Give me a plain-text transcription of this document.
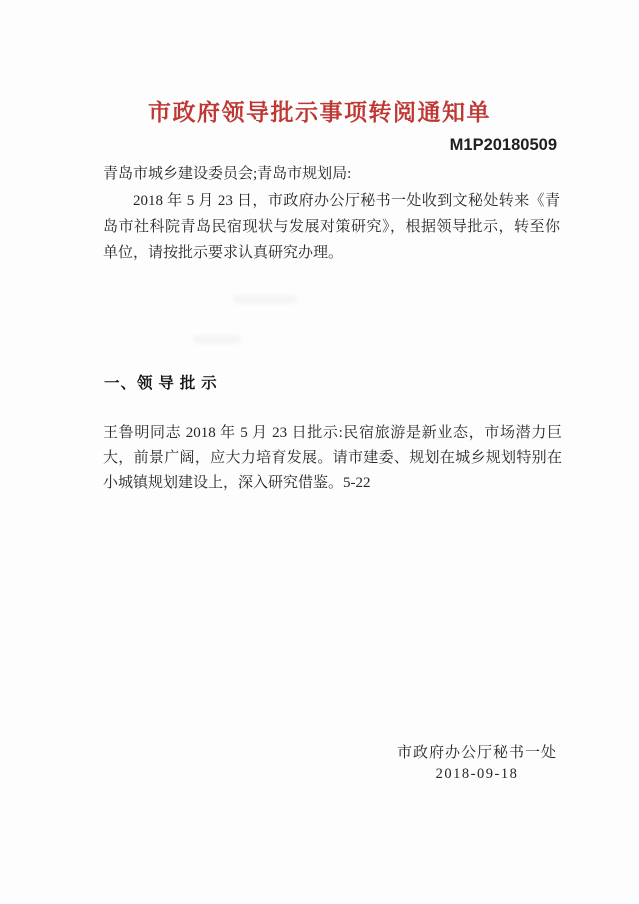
市政府领导批示事项转阅通知单
M1P20180509
青岛市城乡建设委员会;青岛市规划局:
2018 年 5 月 23 日，市政府办公厅秘书一处收到文秘处转来《青岛市社科院青岛民宿现状与发展对策研究》，根据领导批示，转至你单位，请按批示要求认真研究办理。
一、领 导 批 示
王鲁明同志 2018 年 5 月 23 日批示:民宿旅游是新业态，市场潜力巨大，前景广阔，应大力培育发展。请市建委、规划在城乡规划特别在小城镇规划建设上，深入研究借鉴。5-22
市政府办公厅秘书一处
2018-09-18
